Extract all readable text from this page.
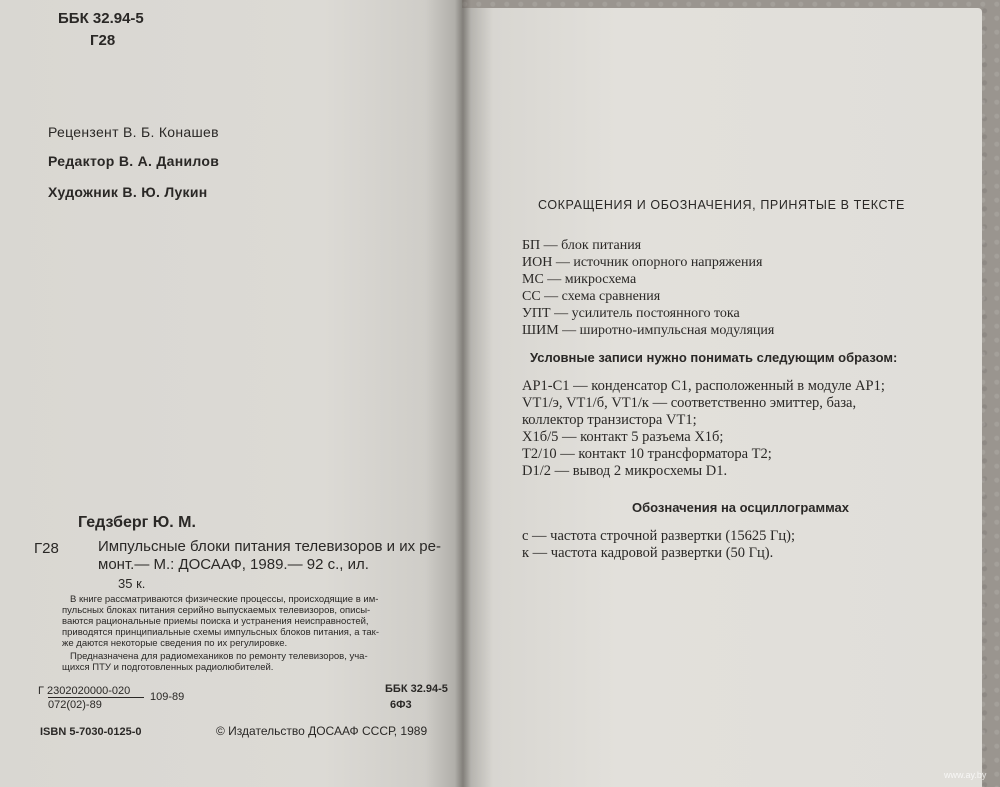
ББК 32.94-5
Г28
Рецензент В. Б. Конашев
Редактор В. А. Данилов
Художник В. Ю. Лукин
Гедзберг Ю. М.
Г28	Импульсные блоки питания телевизоров и их ре-
монт.— М.: ДОСААФ, 1989.— 92 с., ил.
35 к.
В книге рассматриваются физические процессы, происходящие в им-
пульсных блоках питания серийно выпускаемых телевизоров, описы-
ваются рациональные приемы поиска и устранения неисправностей,
приводятся принципиальные схемы импульсных блоков питания, а так-
же даются некоторые сведения по их регулировке.
Предназначена для радиомехаников по ремонту телевизоров, уча-
щихся ПТУ и подготовленных радиолюбителей.
Г 2302020000-020
072(02)-89
109-89
ББК 32.94-5
6Ф3
ISBN 5-7030-0125-0	© Издательство ДОСААФ СССР, 1989
СОКРАЩЕНИЯ И ОБОЗНАЧЕНИЯ, ПРИНЯТЫЕ В ТЕКСТЕ
БП — блок питания
ИОН — источник опорного напряжения
МС — микросхема
СС — схема сравнения
УПТ — усилитель постоянного тока
ШИМ — широтно-импульсная модуляция
Условные записи нужно понимать следующим образом:
AP1-C1 — конденсатор C1, расположенный в модуле AP1;
VT1/э, VT1/б, VT1/к — соответственно эмиттер, база,
коллектор транзистора VT1;
X1б/5 — контакт 5 разъема X1б;
T2/10 — контакт 10 трансформатора T2;
D1/2 — вывод 2 микросхемы D1.
Обозначения на осциллограммах
с — частота строчной развертки (15625 Гц);
к — частота кадровой развертки (50 Гц).
www.ay.by
